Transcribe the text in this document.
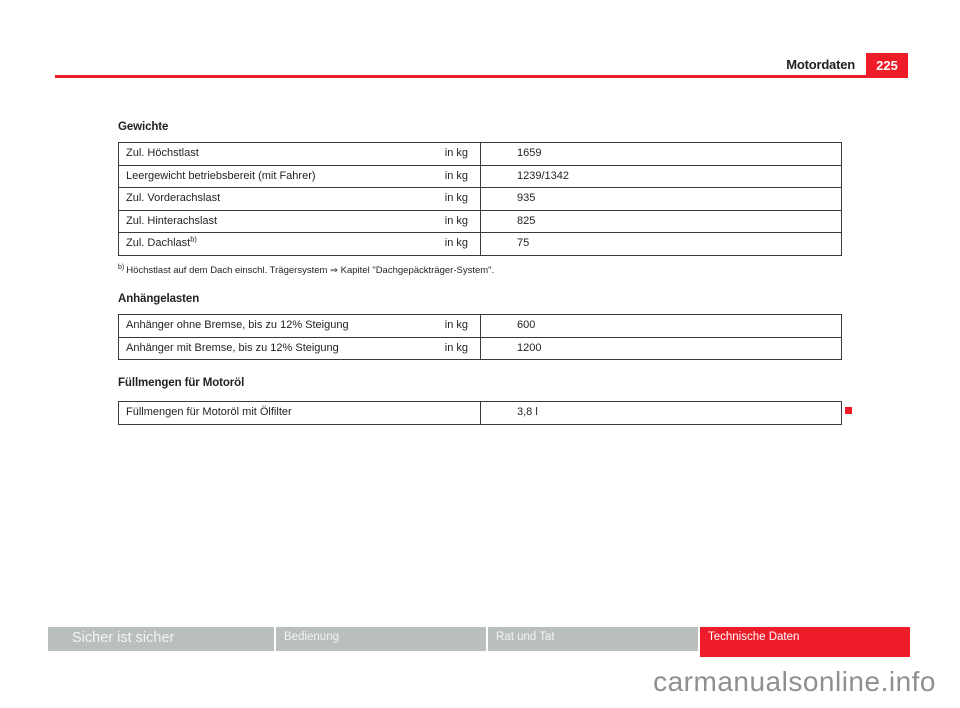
Motordaten 225
Gewichte
Zul. Höchstlast	in kg	1659
Leergewicht betriebsbereit (mit Fahrer)	in kg	1239/1342
Zul. Vorderachslast	in kg	935
Zul. Hinterachslast	in kg	825
Zul. Dachlast$^{b)}$	in kg	75
$^{b)}$ Höchstlast auf dem Dach einschl. Trägersystem ⇒ Kapitel "Dachgepäckträger-System".
Anhängelasten
Anhänger ohne Bremse, bis zu 12% Steigung	in kg	600
Anhänger mit Bremse, bis zu 12% Steigung	in kg	1200
Füllmengen für Motoröl
Füllmengen für Motoröl mit Ölfilter	3,8 l
Sicher ist sicher	Bedienung	Rat und Tat	Technische Daten
carmanualsonline.info
